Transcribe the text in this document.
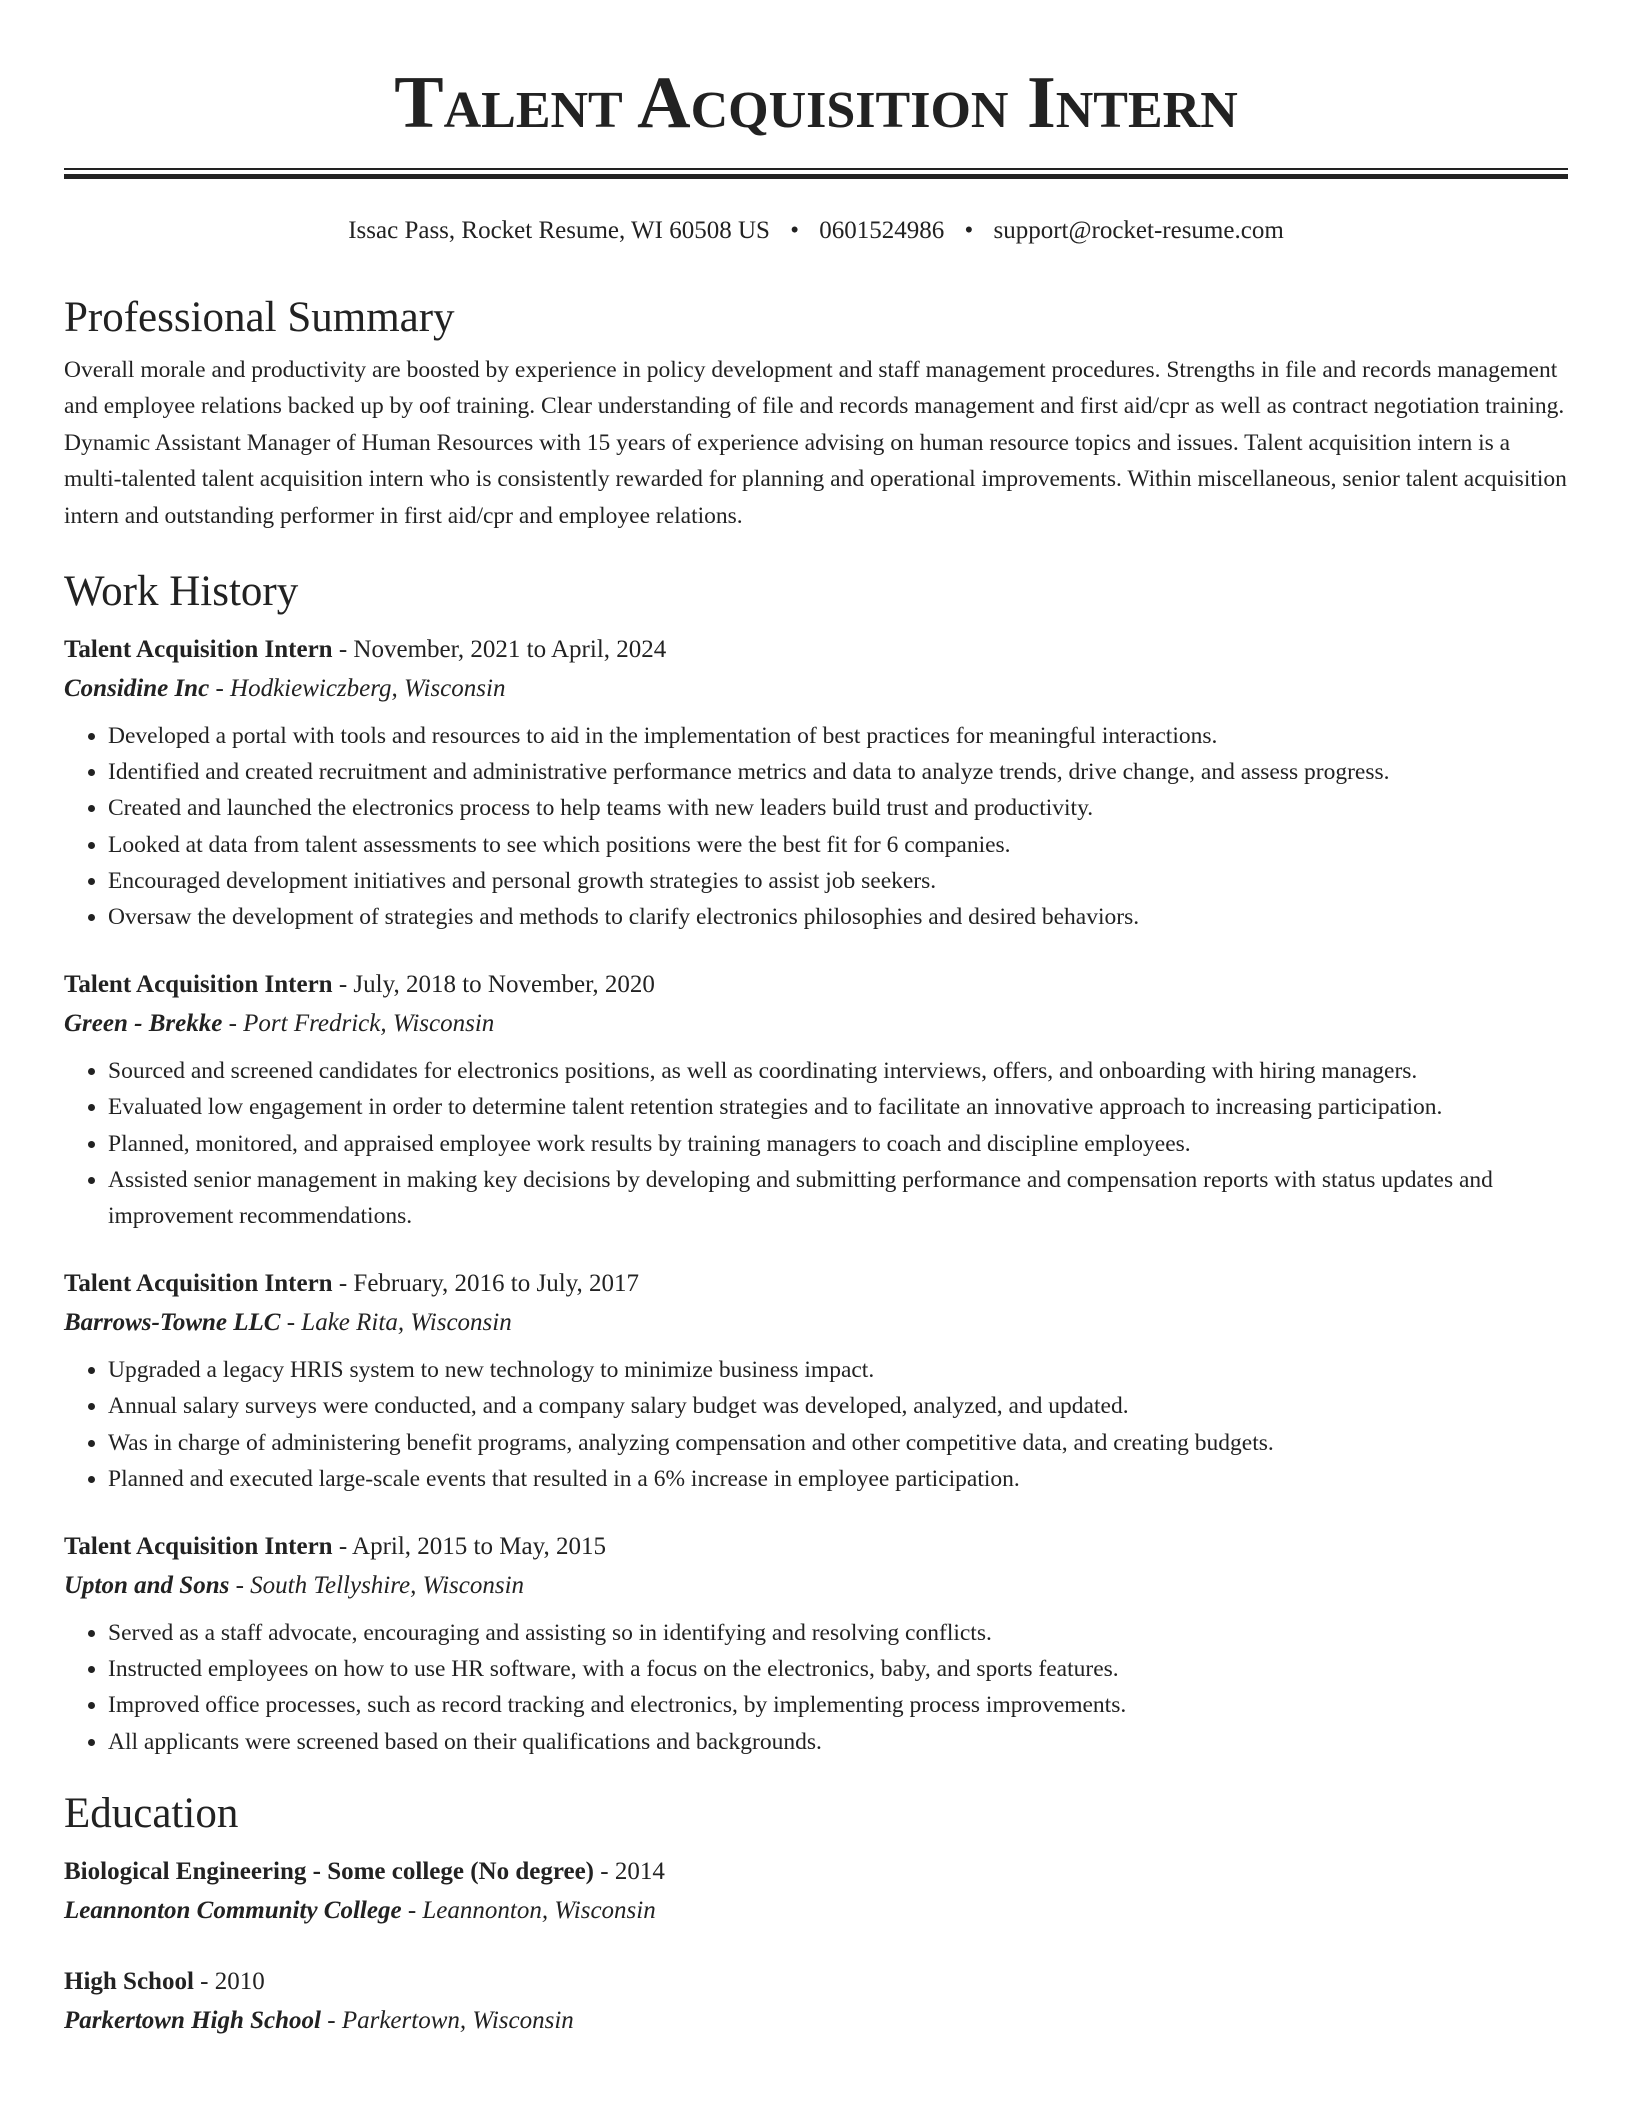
Talent Acquisition Intern
Issac Pass, Rocket Resume, WI 60508 US • 0601524986 • support@rocket-resume.com
Professional Summary

Overall morale and productivity are boosted by experience in policy development and staff management procedures. Strengths in file and records management and employee relations backed up by oof training. Clear understanding of file and records management and first aid/cpr as well as contract negotiation training. Dynamic Assistant Manager of Human Resources with 15 years of experience advising on human resource topics and issues. Talent acquisition intern is a multi-talented talent acquisition intern who is consistently rewarded for planning and operational improvements. Within miscellaneous, senior talent acquisition intern and outstanding performer in first aid/cpr and employee relations.

Work History
Talent Acquisition Intern - November, 2021 to April, 2024
Considine Inc - Hodkiewiczberg, Wisconsin
• Developed a portal with tools and resources to aid in the implementation of best practices for meaningful interactions.
• Identified and created recruitment and administrative performance metrics and data to analyze trends, drive change, and assess progress.
• Created and launched the electronics process to help teams with new leaders build trust and productivity.
• Looked at data from talent assessments to see which positions were the best fit for 6 companies.
• Encouraged development initiatives and personal growth strategies to assist job seekers.
• Oversaw the development of strategies and methods to clarify electronics philosophies and desired behaviors.
Talent Acquisition Intern - July, 2018 to November, 2020
Green - Brekke - Port Fredrick, Wisconsin
• Sourced and screened candidates for electronics positions, as well as coordinating interviews, offers, and onboarding with hiring managers.
• Evaluated low engagement in order to determine talent retention strategies and to facilitate an innovative approach to increasing participation.
• Planned, monitored, and appraised employee work results by training managers to coach and discipline employees.
• Assisted senior management in making key decisions by developing and submitting performance and compensation reports with status updates and improvement recommendations.
Talent Acquisition Intern - February, 2016 to July, 2017
Barrows-Towne LLC - Lake Rita, Wisconsin
• Upgraded a legacy HRIS system to new technology to minimize business impact.
• Annual salary surveys were conducted, and a company salary budget was developed, analyzed, and updated.
• Was in charge of administering benefit programs, analyzing compensation and other competitive data, and creating budgets.
• Planned and executed large-scale events that resulted in a 6% increase in employee participation.
Talent Acquisition Intern - April, 2015 to May, 2015
Upton and Sons - South Tellyshire, Wisconsin
• Served as a staff advocate, encouraging and assisting so in identifying and resolving conflicts.
• Instructed employees on how to use HR software, with a focus on the electronics, baby, and sports features.
• Improved office processes, such as record tracking and electronics, by implementing process improvements.
• All applicants were screened based on their qualifications and backgrounds.
Education
Biological Engineering - Some college (No degree) - 2014
Leannonton Community College - Leannonton, Wisconsin
High School - 2010
Parkertown High School - Parkertown, Wisconsin
